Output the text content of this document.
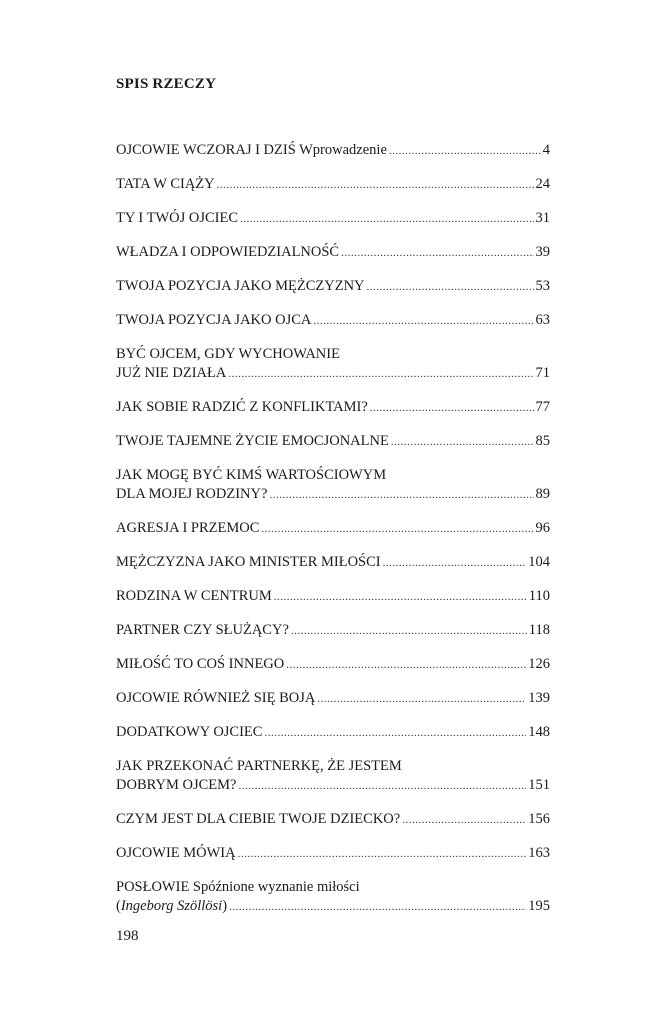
SPIS RZECZY
OJCOWIE WCZORAJ I DZIŚ Wprowadzenie .....	4
TATA W CIĄŻY .....	24
TY I TWÓJ OJCIEC .....	31
WŁADZA I ODPOWIEDZIALNOŚĆ .....	39
TWOJA POZYCJA JAKO MĘŻCZYZNY .....	53
TWOJA POZYCJA JAKO OJCA .....	63
BYĆ OJCEM, GDY WYCHOWANIE
JUŻ NIE DZIAŁA .....	71
JAK SOBIE RADZIĆ Z KONFLIKTAMI? .....	77
TWOJE TAJEMNE ŻYCIE EMOCJONALNE .....	85
JAK MOGĘ BYĆ KIMŚ WARTOŚCIOWYM
DLA MOJEJ RODZINY? .....	89
AGRESJA I PRZEMOC .....	96
MĘŻCZYZNA JAKO MINISTER MIŁOŚCI .....	104
RODZINA W CENTRUM .....	110
PARTNER CZY SŁUŻĄCY? .....	118
MIŁOŚĆ TO COŚ INNEGO .....	126
OJCOWIE RÓWNIEŻ SIĘ BOJĄ .....	139
DODATKOWY OJCIEC .....	148
JAK PRZEKONAĆ PARTNERKĘ, ŻE JESTEM
DOBRYM OJCEM? .....	151
CZYM JEST DLA CIEBIE TWOJE DZIECKO? .....	156
OJCOWIE MÓWIĄ .....	163
POSŁOWIE Spóźnione wyznanie miłości
(Ingeborg Szöllösi) .....	195
198
